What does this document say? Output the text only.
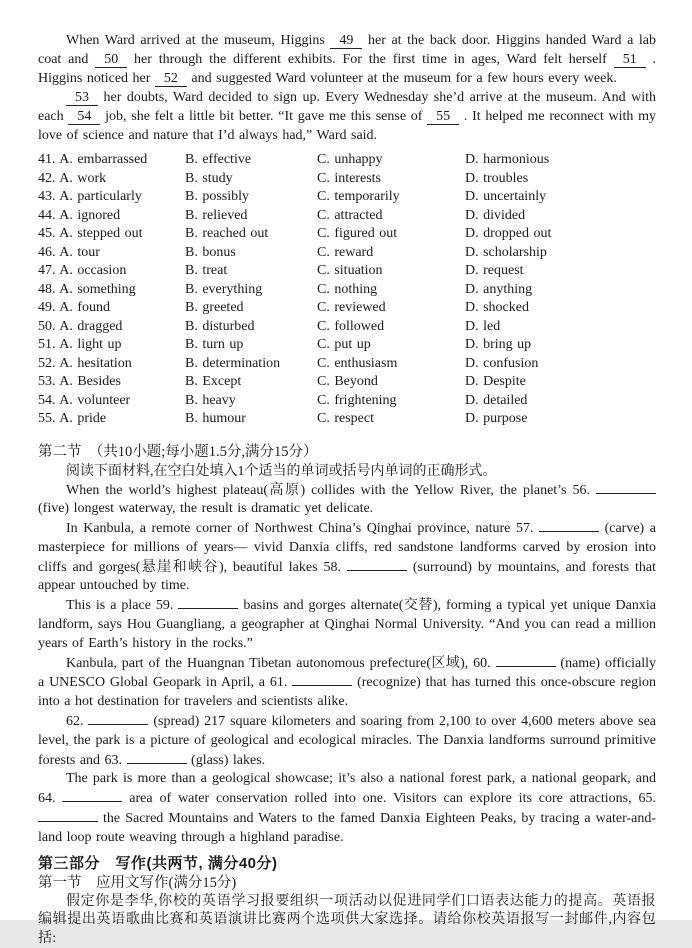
When Ward arrived at the museum, Higgins 49 her at the back door. Higgins handed Ward a lab coat and 50 her through the different exhibits. For the first time in ages, Ward felt herself 51 . Higgins noticed her 52 and suggested Ward volunteer at the museum for a few hours every week.

53 her doubts, Ward decided to sign up. Every Wednesday she’d arrive at the museum. And with each 54 job, she felt a little bit better. “It gave me this sense of 55 . It helped me reconnect with my love of science and nature that I’d always had,” Ward said.

41. A. embarrassed	B. effective	C. unhappy	D. harmonious
42. A. work	B. study	C. interests	D. troubles
43. A. particularly	B. possibly	C. temporarily	D. uncertainly
44. A. ignored	B. relieved	C. attracted	D. divided
45. A. stepped out	B. reached out	C. figured out	D. dropped out
46. A. tour	B. bonus	C. reward	D. scholarship
47. A. occasion	B. treat	C. situation	D. request
48. A. something	B. everything	C. nothing	D. anything
49. A. found	B. greeted	C. reviewed	D. shocked
50. A. dragged	B. disturbed	C. followed	D. led
51. A. light up	B. turn up	C. put up	D. bring up
52. A. hesitation	B. determination	C. enthusiasm	D. confusion
53. A. Besides	B. Except	C. Beyond	D. Despite
54. A. volunteer	B. heavy	C. frightening	D. detailed
55. A. pride	B. humour	C. respect	D. purpose

第二节　（共10小题;每小题1.5分,满分15分）

阅读下面材料,在空白处填入1个适当的单词或括号内单词的正确形式。

When the world’s highest plateau(高原) collides with the Yellow River, the planet’s 56.  (five) longest waterway, the result is dramatic yet delicate.

In Kanbula, a remote corner of Northwest China’s Qinghai province, nature 57.	(carve) a masterpiece for millions of years— vivid Danxia cliffs, red sandstone landforms carved by erosion into cliffs and gorges(悬崖和峡谷), beautiful lakes 58.	(surround) by mountains, and forests that appear untouched by time.

This is a place 59.	basins and gorges alternate(交替), forming a typical yet unique Danxia landform, says Hou Guangliang, a geographer at Qinghai Normal University. “And you can read a million years of Earth’s history in the rocks.”

Kanbula, part of the Huangnan Tibetan autonomous prefecture(区域), 60.	(name) officially a UNESCO Global Geopark in April, a 61.	(recognize) that has turned this once-obscure region into a hot destination for travelers and scientists alike.

62.	(spread) 217 square kilometers and soaring from 2,100 to over 4,600 meters above sea level, the park is a picture of geological and ecological miracles. The Danxia landforms surround primitive forests and 63.	(glass) lakes.

The park is more than a geological showcase; it’s also a national forest park, a national geopark, and 64.	area of water conservation rolled into one. Visitors can explore its core attractions, 65.  the Sacred Mountains and Waters to the famed Danxia Eighteen Peaks, by tracing a water-and-land loop route weaving through a highland paradise.

第三部分　写作(共两节, 满分40分)

第一节　应用文写作(满分15分)

假定你是李华,你校的英语学习报要组织一项活动以促进同学们口语表达能力的提高。英语报编辑提出英语歌曲比赛和英语演讲比赛两个选项供大家选择。请给你校英语报写一封邮件,内容包括:
